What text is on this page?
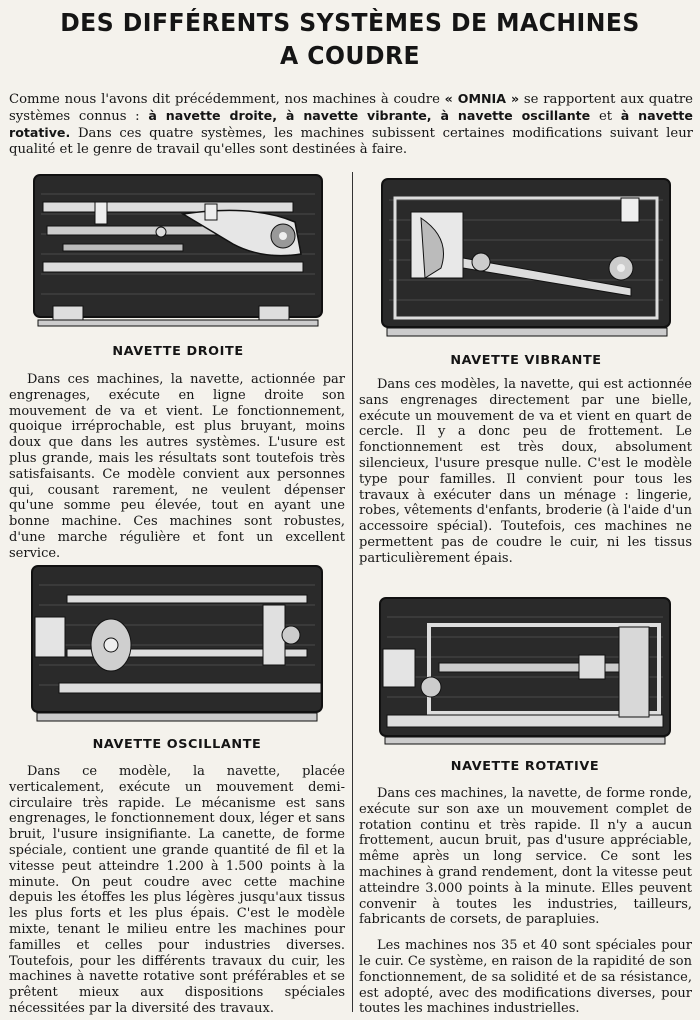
DES DIFFÉRENTS SYSTÈMES DE MACHINES
A COUDRE
Comme nous l'avons dit précédemment, nos machines à coudre « OMNIA » se rapportent aux quatre systèmes connus : à navette droite, à navette vibrante, à navette oscillante et à navette rotative. Dans ces quatre systèmes, les machines subissent certaines modifications suivant leur qualité et le genre de travail qu'elles sont destinées à faire.
NAVETTE DROITE

Dans ces machines, la navette, actionnée par engrenages, exécute en ligne droite son mouvement de va et vient. Le fonctionnement, quoique irréprochable, est plus bruyant, moins doux que dans les autres systèmes. L'usure est plus grande, mais les résultats sont toutefois très satisfaisants. Ce modèle convient aux personnes qui, cousant rarement, ne veulent dépenser qu'une somme peu élevée, tout en ayant une bonne machine. Ces machines sont robustes, d'une marche régulière et font un excellent service.

NAVETTE VIBRANTE

Dans ces modèles, la navette, qui est actionnée sans engrenages directement par une bielle, exécute un mouvement de va et vient en quart de cercle. Il y a donc peu de frottement. Le fonctionnement est très doux, absolument silencieux, l'usure presque nulle. C'est le modèle type pour familles. Il convient pour tous les travaux à exécuter dans un ménage : lingerie, robes, vêtements d'enfants, broderie (à l'aide d'un accessoire spécial). Toutefois, ces machines ne permettent pas de coudre le cuir, ni les tissus particulièrement épais.

NAVETTE OSCILLANTE

Dans ce modèle, la navette, placée verticalement, exécute un mouvement demi-circulaire très rapide. Le mécanisme est sans engrenages, le fonctionnement doux, léger et sans bruit, l'usure insignifiante. La canette, de forme spéciale, contient une grande quantité de fil et la vitesse peut atteindre 1.200 à 1.500 points à la minute. On peut coudre avec cette machine depuis les étoffes les plus légères jusqu'aux tissus les plus forts et les plus épais. C'est le modèle mixte, tenant le milieu entre les machines pour familles et celles pour industries diverses. Toutefois, pour les différents travaux du cuir, les machines à navette rotative sont préférables et se prêtent mieux aux dispositions spéciales nécessitées par la diversité des travaux.

NAVETTE ROTATIVE

Dans ces machines, la navette, de forme ronde, exécute sur son axe un mouvement complet de rotation continu et très rapide. Il n'y a aucun frottement, aucun bruit, pas d'usure appréciable, même après un long service. Ce sont les machines à grand rendement, dont la vitesse peut atteindre 3.000 points à la minute. Elles peuvent convenir à toutes les industries, tailleurs, fabricants de corsets, de parapluies.

Les machines nos 35 et 40 sont spéciales pour le cuir. Ce système, en raison de la rapidité de son fonctionnement, de sa solidité et de sa résistance, est adopté, avec des modifications diverses, pour toutes les machines industrielles.
